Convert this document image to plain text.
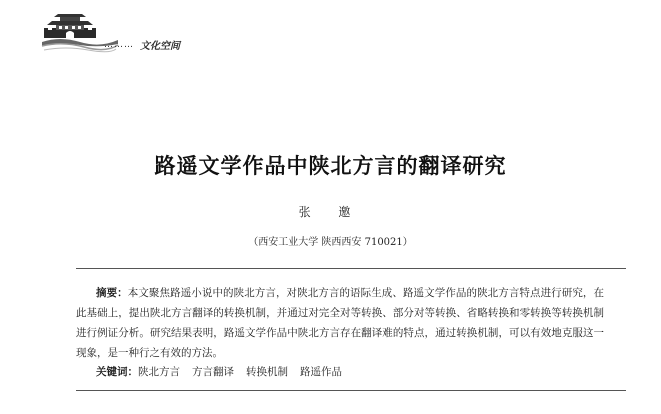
……… 文化空间
路遥文学作品中陕北方言的翻译研究
张 邀
（西安工业大学 陕西西安 710021）
摘要：本文聚焦路遥小说中的陕北方言，对陕北方言的语际生成、路遥文学作品的陕北方言特点进行研究，在此基础上，提出陕北方言翻译的转换机制，并通过对完全对等转换、部分对等转换、省略转换和零转换等转换机制进行例证分析。研究结果表明，路遥文学作品中陕北方言存在翻译难的特点，通过转换机制，可以有效地克服这一现象，是一种行之有效的方法。
关键词：陕北方言 方言翻译 转换机制 路遥作品
